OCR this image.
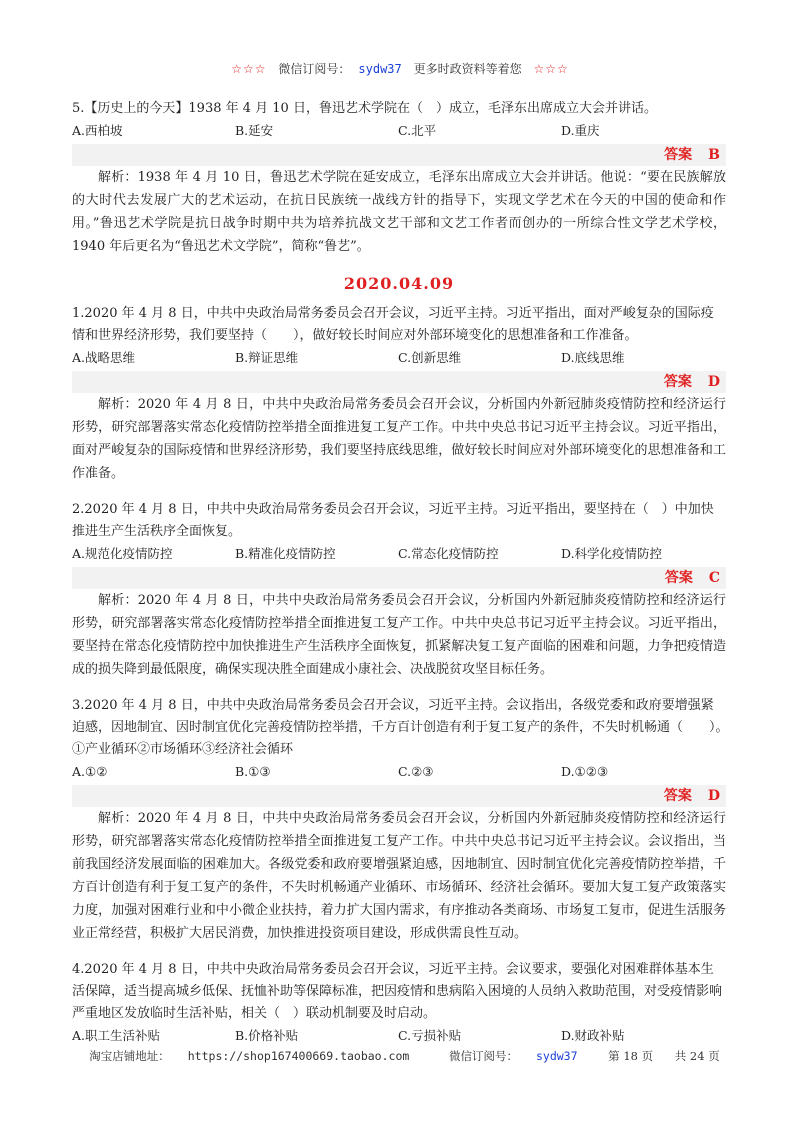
☆☆☆ 微信订阅号： sydw37 更多时政资料等着您 ☆☆☆

5.【历史上的今天】1938 年 4 月 10 日，鲁迅艺术学院在（　）成立，毛泽东出席成立大会并讲话。

A.西柏坡	B.延安	C.北平	D.重庆
答案 B

解析：1938 年 4 月 10 日，鲁迅艺术学院在延安成立，毛泽东出席成立大会并讲话。他说：“要在民族解放的大时代去发展广大的艺术运动，在抗日民族统一战线方针的指导下，实现文学艺术在今天的中国的使命和作用。”鲁迅艺术学院是抗日战争时期中共为培养抗战文艺干部和文艺工作者而创办的一所综合性文学艺术学校，1940 年后更名为“鲁迅艺术文学院”，简称“鲁艺”。

2020.04.09

1.2020 年 4 月 8 日，中共中央政治局常务委员会召开会议，习近平主持。习近平指出，面对严峻复杂的国际疫情和世界经济形势，我们要坚持（　　），做好较长时间应对外部环境变化的思想准备和工作准备。

A.战略思维	B.辩证思维	C.创新思维	D.底线思维
答案 D

解析：2020 年 4 月 8 日，中共中央政治局常务委员会召开会议，分析国内外新冠肺炎疫情防控和经济运行形势，研究部署落实常态化疫情防控举措全面推进复工复产工作。中共中央总书记习近平主持会议。习近平指出，面对严峻复杂的国际疫情和世界经济形势，我们要坚持底线思维，做好较长时间应对外部环境变化的思想准备和工作准备。

2.2020 年 4 月 8 日，中共中央政治局常务委员会召开会议，习近平主持。习近平指出，要坚持在（　）中加快推进生产生活秩序全面恢复。

A.规范化疫情防控	B.精准化疫情防控	C.常态化疫情防控	D.科学化疫情防控
答案 C

解析：2020 年 4 月 8 日，中共中央政治局常务委员会召开会议，分析国内外新冠肺炎疫情防控和经济运行形势，研究部署落实常态化疫情防控举措全面推进复工复产工作。中共中央总书记习近平主持会议。习近平指出，要坚持在常态化疫情防控中加快推进生产生活秩序全面恢复，抓紧解决复工复产面临的困难和问题，力争把疫情造成的损失降到最低限度，确保实现决胜全面建成小康社会、决战脱贫攻坚目标任务。

3.2020 年 4 月 8 日，中共中央政治局常务委员会召开会议，习近平主持。会议指出，各级党委和政府要增强紧迫感，因地制宜、因时制宜优化完善疫情防控举措，千方百计创造有利于复工复产的条件，不失时机畅通（　　）。　　①产业循环②市场循环③经济社会循环

A.①②	B.①③	C.②③	D.①②③
答案 D

解析：2020 年 4 月 8 日，中共中央政治局常务委员会召开会议，分析国内外新冠肺炎疫情防控和经济运行形势，研究部署落实常态化疫情防控举措全面推进复工复产工作。中共中央总书记习近平主持会议。会议指出，当前我国经济发展面临的困难加大。各级党委和政府要增强紧迫感，因地制宜、因时制宜优化完善疫情防控举措，千方百计创造有利于复工复产的条件，不失时机畅通产业循环、市场循环、经济社会循环。要加大复工复产政策落实力度，加强对困难行业和中小微企业扶持，着力扩大国内需求，有序推动各类商场、市场复工复市，促进生活服务业正常经营，积极扩大居民消费，加快推进投资项目建设，形成供需良性互动。

4.2020 年 4 月 8 日，中共中央政治局常务委员会召开会议，习近平主持。会议要求，要强化对困难群体基本生活保障，适当提高城乡低保、抚恤补助等保障标准，把因疫情和患病陷入困境的人员纳入救助范围，对受疫情影响严重地区发放临时生活补贴，相关（　）联动机制要及时启动。

A.职工生活补贴	B.价格补贴	C.亏损补贴	D.财政补贴
淘宝店铺地址： https://shop167400669.taobao.com	微信订阅号： sydw37	第 18 页 共 24 页
